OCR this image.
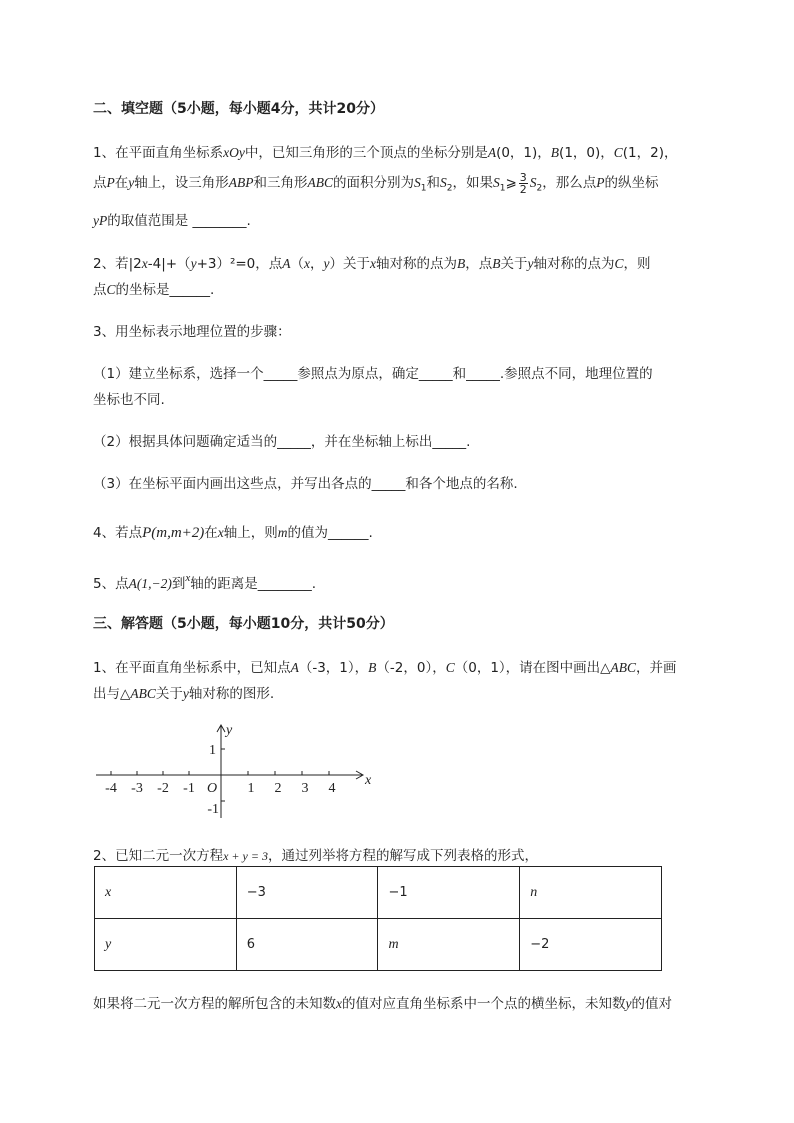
二、填空题（5小题，每小题4分，共计20分）
1、在平面直角坐标系xOy中，已知三角形的三个顶点的坐标分别是A(0，1)，B(1，0)，C(1，2)，
点P在y轴上，设三角形ABP和三角形ABC的面积分别为$S_1$和$S_2$，如果$S_1⩾ \frac{3}{2} S_2$，那么点P的纵坐标
yP的取值范围是 ________.
2、若|2x-4|+（y+3）²=0，点A（x，y）关于x轴对称的点为B，点B关于y轴对称的点为C，则
点C的坐标是______.
3、用坐标表示地理位置的步骤：
（1）建立坐标系，选择一个_____参照点为原点，确定_____和_____.参照点不同，地理位置的
坐标也不同.
（2）根据具体问题确定适当的_____，并在坐标轴上标出_____.
（3）在坐标平面内画出这些点，并写出各点的_____和各个地点的名称.
4、若点P(m,m+2)在x轴上，则m的值为______.
5、点A(1,−2)到$^x$轴的距离是________.
三、解答题（5小题，每小题10分，共计50分）
1、在平面直角坐标系中，已知点A（-3，1），B（-2，0），C（0，1），请在图中画出△ABC，并画
出与△ABC关于y轴对称的图形.
x
y
O
-4 -3 -2 -1	1 2 3 4
1
-1
2、已知二元一次方程x + y = 3，通过列举将方程的解写成下列表格的形式，
x	−3	−1	n
y	6	m	−2
如果将二元一次方程的解所包含的未知数x的值对应直角坐标系中一个点的横坐标，未知数y的值对
